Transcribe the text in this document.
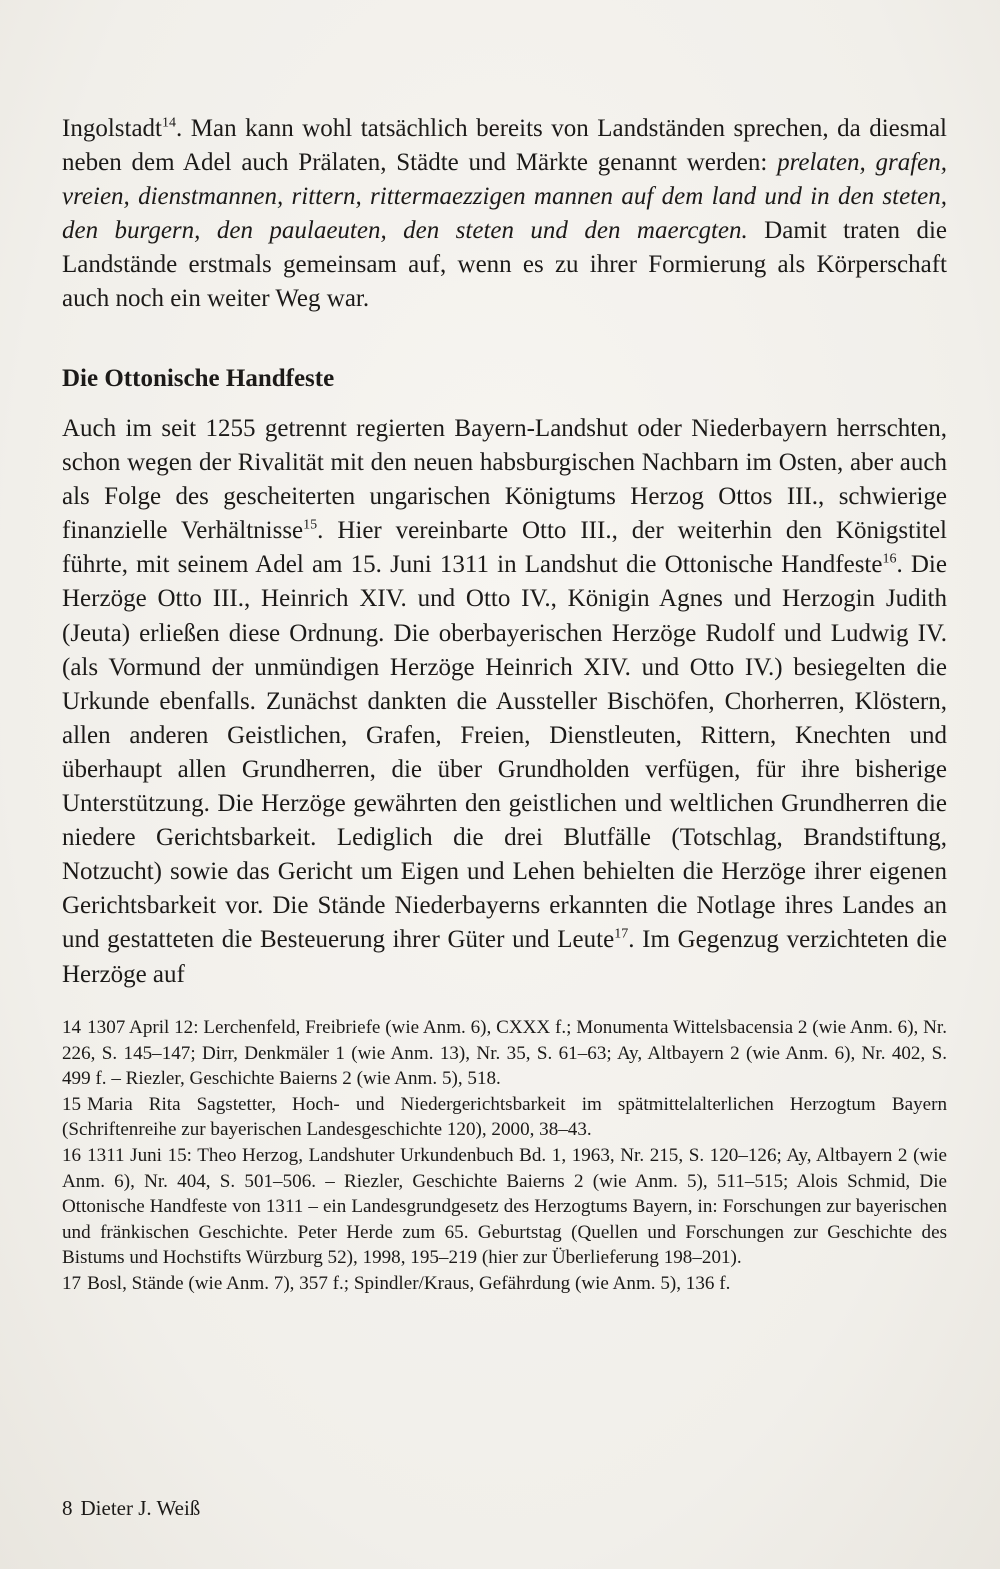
Ingolstadt$^{14}$. Man kann wohl tatsächlich bereits von Landständen sprechen, da diesmal neben dem Adel auch Prälaten, Städte und Märkte genannt werden: prelaten, grafen, vreien, dienstmannen, rittern, rittermaezzigen mannen auf dem land und in den steten, den burgern, den paulaeuten, den steten und den maercgten. Damit traten die Landstände erstmals gemeinsam auf, wenn es zu ihrer Formierung als Körperschaft auch noch ein weiter Weg war.

Die Ottonische Handfeste

Auch im seit 1255 getrennt regierten Bayern-Landshut oder Niederbayern herrschten, schon wegen der Rivalität mit den neuen habsburgischen Nachbarn im Osten, aber auch als Folge des gescheiterten ungarischen Königtums Herzog Ottos III., schwierige finanzielle Verhältnisse$^{15}$. Hier vereinbarte Otto III., der weiterhin den Königstitel führte, mit seinem Adel am 15. Juni 1311 in Landshut die Ottonische Handfeste$^{16}$. Die Herzöge Otto III., Heinrich XIV. und Otto IV., Königin Agnes und Herzogin Judith (Jeuta) erließen diese Ordnung. Die oberbayerischen Herzöge Rudolf und Ludwig IV. (als Vormund der unmündigen Herzöge Heinrich XIV. und Otto IV.) besiegelten die Urkunde ebenfalls. Zunächst dankten die Aussteller Bischöfen, Chorherren, Klöstern, allen anderen Geistlichen, Grafen, Freien, Dienstleuten, Rittern, Knechten und überhaupt allen Grundherren, die über Grundholden verfügen, für ihre bisherige Unterstützung. Die Herzöge gewährten den geistlichen und weltlichen Grundherren die niedere Gerichtsbarkeit. Lediglich die drei Blutfälle (Totschlag, Brandstiftung, Notzucht) sowie das Gericht um Eigen und Lehen behielten die Herzöge ihrer eigenen Gerichtsbarkeit vor. Die Stände Niederbayerns erkannten die Notlage ihres Landes an und gestatteten die Besteuerung ihrer Güter und Leute$^{17}$. Im Gegenzug verzichteten die Herzöge auf

14 1307 April 12: Lerchenfeld, Freibriefe (wie Anm. 6), CXXX f.; Monumenta Wittelsbacensia 2 (wie Anm. 6), Nr. 226, S. 145–147; Dirr, Denkmäler 1 (wie Anm. 13), Nr. 35, S. 61–63; Ay, Altbayern 2 (wie Anm. 6), Nr. 402, S. 499 f. – Riezler, Geschichte Baierns 2 (wie Anm. 5), 518.

15 Maria Rita Sagstetter, Hoch- und Niedergerichtsbarkeit im spätmittelalterlichen Herzogtum Bayern (Schriftenreihe zur bayerischen Landesgeschichte 120), 2000, 38–43.

16 1311 Juni 15: Theo Herzog, Landshuter Urkundenbuch Bd. 1, 1963, Nr. 215, S. 120–126; Ay, Altbayern 2 (wie Anm. 6), Nr. 404, S. 501–506. – Riezler, Geschichte Baierns 2 (wie Anm. 5), 511–515; Alois Schmid, Die Ottonische Handfeste von 1311 – ein Landesgrundgesetz des Herzogtums Bayern, in: Forschungen zur bayerischen und fränkischen Geschichte. Peter Herde zum 65. Geburtstag (Quellen und Forschungen zur Geschichte des Bistums und Hochstifts Würzburg 52), 1998, 195–219 (hier zur Überlieferung 198–201).

17 Bosl, Stände (wie Anm. 7), 357 f.; Spindler/Kraus, Gefährdung (wie Anm. 5), 136 f.

8 Dieter J. Weiß
